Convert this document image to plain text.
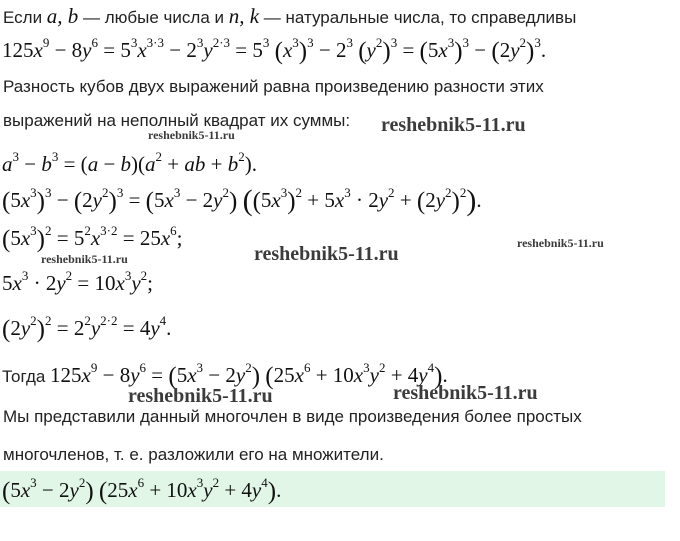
Если a, b — любые числа и n, k — натуральные числа, то справедливы
$125x^9 - 8y^6 = 5^3x^{3\cdot 3} - 2^3y^{2\cdot 3} = 5^3$ $(x^3)^3 - 2^3$ $(y^2)^3 = (5x^3)^3 - (2y^2)^3$.
Разность кубов двух выражений равна произведению разности этих
выражений на неполный квадрат их суммы:
$a^3 - b^3 = (a - b)(a^2$ + ab + $b^2$).
$(5x^3)^3 - (2y^2)^3 = (5x^3 - 2y^2) ((5x^3)^2 + 5x^3 \cdot 2y^2 + (2y^2)^2)$.
$(5x^3)^2 = 5^2x^{3\cdot 2} = 25x^6$;
$5x^3 \cdot 2y^2 = 10x^3y^2$;
$(2y^2)^2 = 2^2y^{2\cdot 2} = 4y^4$.
Тогда $125x^9 - 8y^6 = (5x^3 - 2y^2) (25x^6 + 10x^3y^2 + 4y^4)$.
Мы представили данный многочлен в виде произведения более простых
многочленов, т. е. разложили его на множители.
$(5x^3 - 2y^2) (25x^6 + 10x^3y^2 + 4y^4)$.
reshebnik5-11.ru
reshebnik5-11.ru
reshebnik5-11.ru
reshebnik5-11.ru
reshebnik5-11.ru
reshebnik5-11.ru	reshebnik5-11.ru
